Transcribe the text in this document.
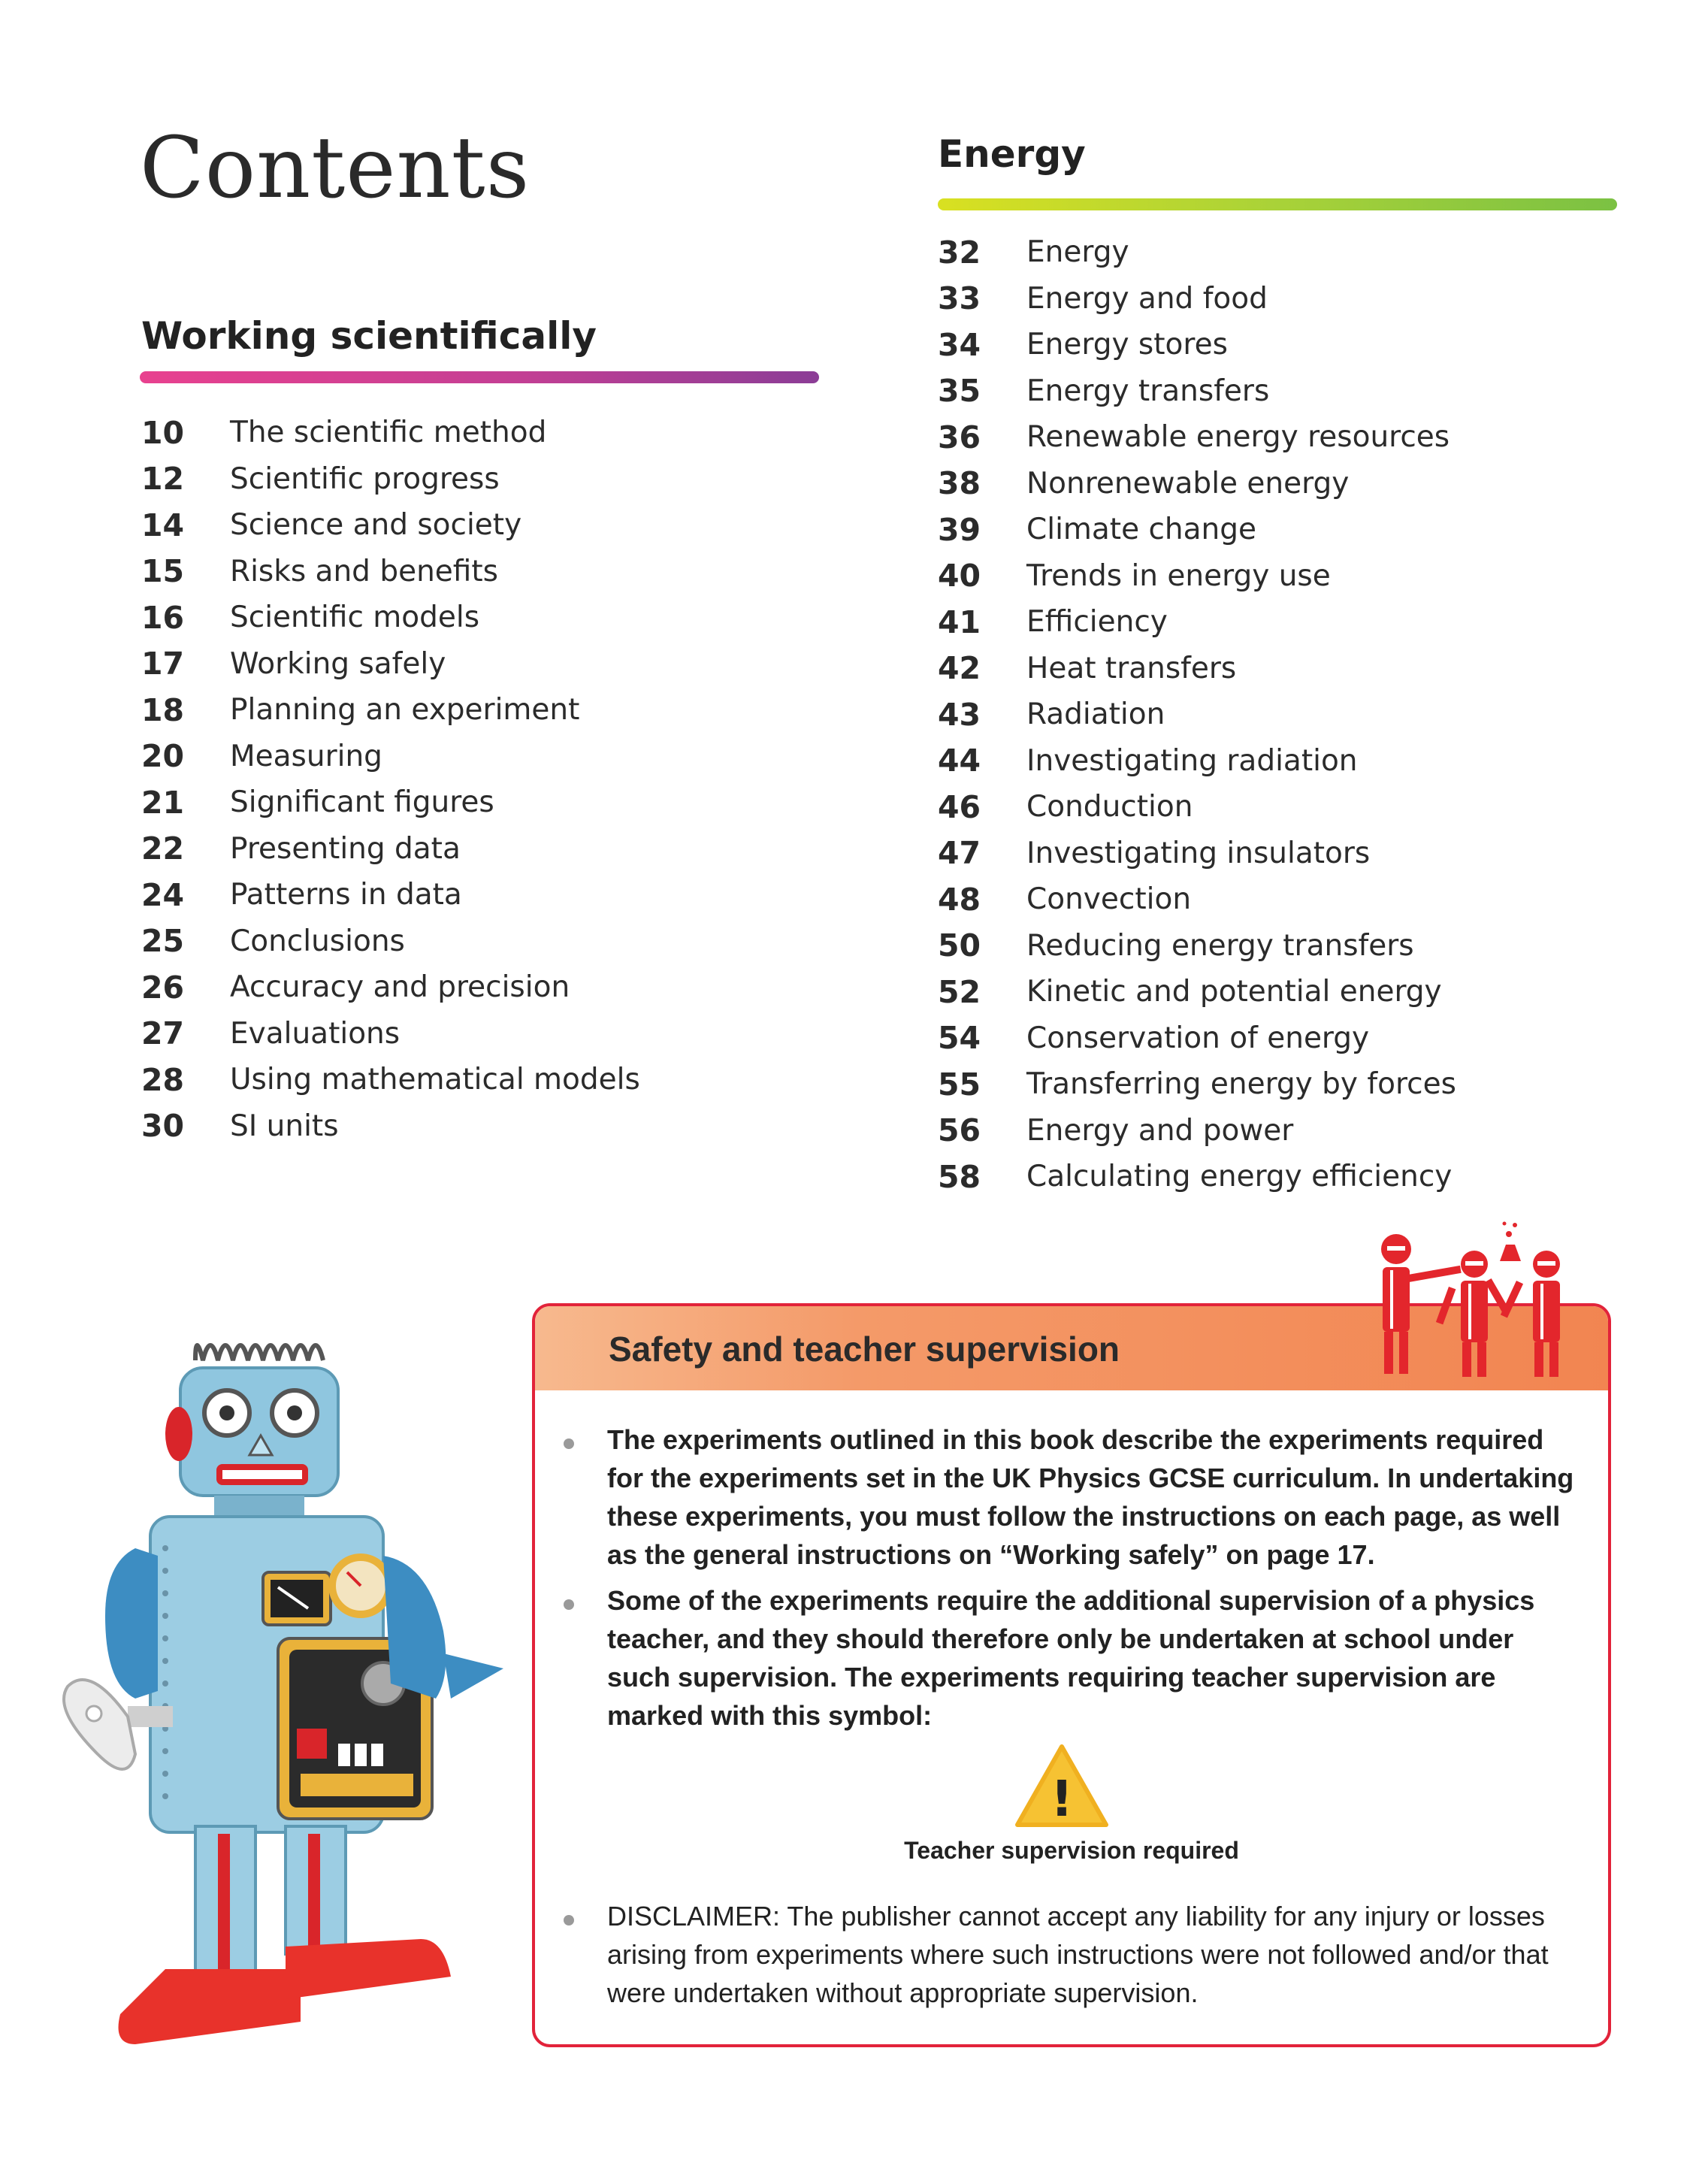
Contents
Working scientifically
10	The scientific method
12	Scientific progress
14	Science and society
15	Risks and benefits
16	Scientific models
17	Working safely
18	Planning an experiment
20	Measuring
21	Significant figures
22	Presenting data
24	Patterns in data
25	Conclusions
26	Accuracy and precision
27	Evaluations
28	Using mathematical models
30	SI units
Energy
32	Energy
33	Energy and food
34	Energy stores
35	Energy transfers
36	Renewable energy resources
38	Nonrenewable energy
39	Climate change
40	Trends in energy use
41	Efficiency
42	Heat transfers
43	Radiation
44	Investigating radiation
46	Conduction
47	Investigating insulators
48	Convection
50	Reducing energy transfers
52	Kinetic and potential energy
54	Conservation of energy
55	Transferring energy by forces
56	Energy and power
58	Calculating energy efficiency
Safety and teacher supervision

The experiments outlined in this book describe the experiments required for the experiments set in the UK Physics GCSE curriculum. In undertaking these experiments, you must follow the instructions on each page, as well as the general instructions on “Working safely” on page 17.

Some of the experiments require the additional supervision of a physics teacher, and they should therefore only be undertaken at school under such supervision. The experiments requiring teacher supervision are marked with this symbol:

!

Teacher supervision required

DISCLAIMER: The publisher cannot accept any liability for any injury or losses arising from experiments where such instructions were not followed and/or that were undertaken without appropriate supervision.
